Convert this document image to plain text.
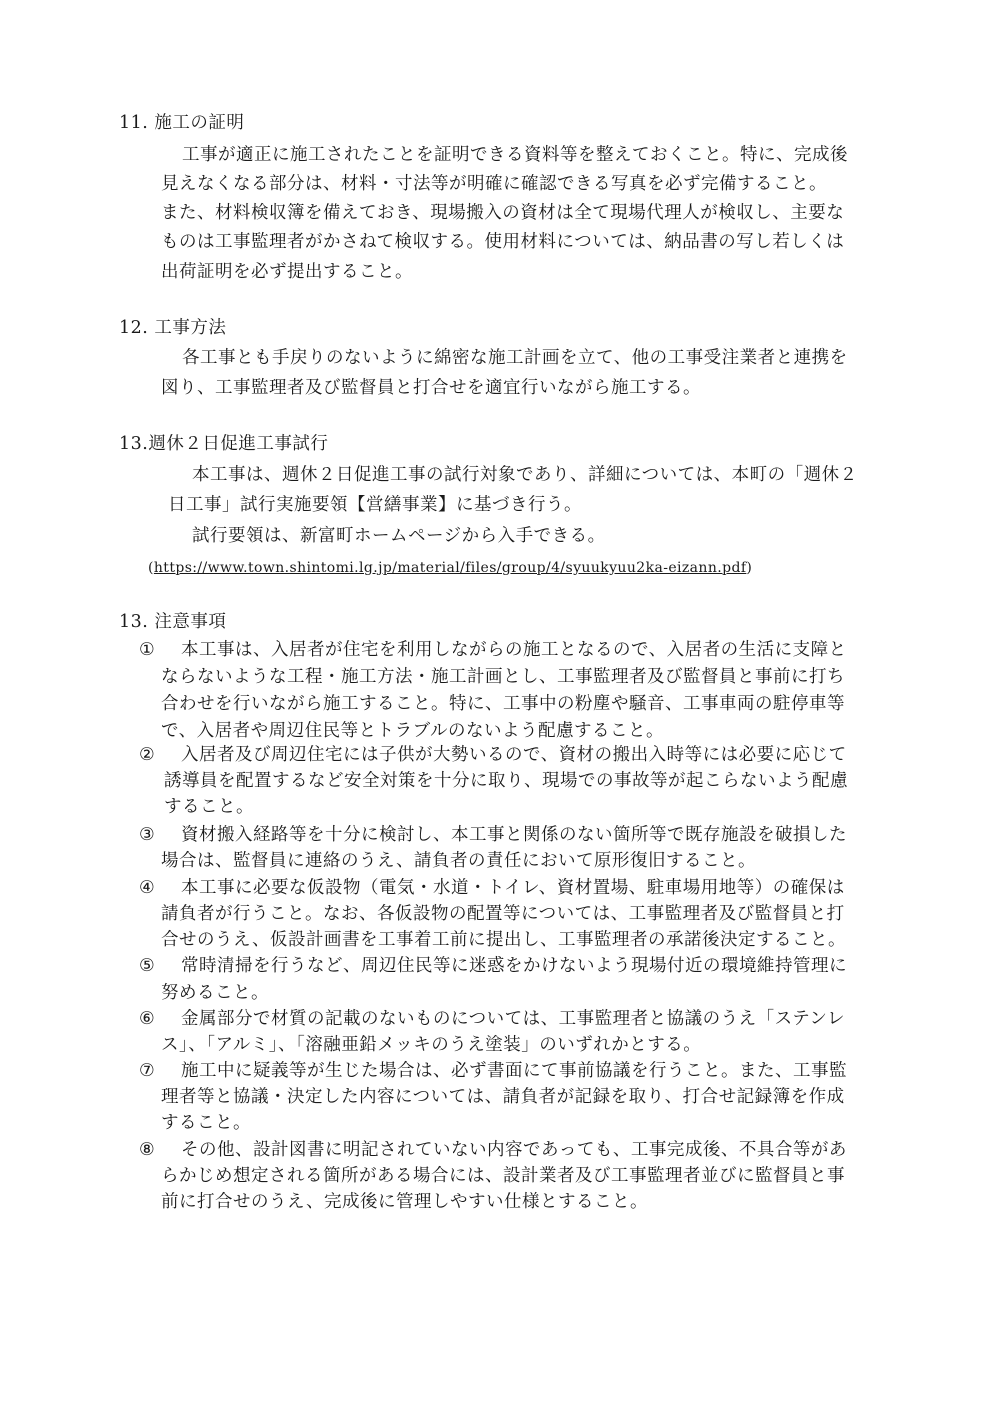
11. 施工の証明
工事が適正に施工されたことを証明できる資料等を整えておくこと。特に、完成後
見えなくなる部分は、材料・寸法等が明確に確認できる写真を必ず完備すること。
また、材料検収簿を備えておき、現場搬入の資材は全て現場代理人が検収し、主要な
ものは工事監理者がかさねて検収する。使用材料については、納品書の写し若しくは
出荷証明を必ず提出すること。
12. 工事方法
各工事とも手戻りのないように綿密な施工計画を立て、他の工事受注業者と連携を
図り、工事監理者及び監督員と打合せを適宜行いながら施工する。
13.週休２日促進工事試行
本工事は、週休２日促進工事の試行対象であり、詳細については、本町の「週休２
日工事」試行実施要領【営繕事業】に基づき行う。
試行要領は、新富町ホームページから入手できる。
(https://www.town.shintomi.lg.jp/material/files/group/4/syuukyuu2ka-eizann.pdf)
13. 注意事項
① 本工事は、入居者が住宅を利用しながらの施工となるので、入居者の生活に支障と
ならないような工程・施工方法・施工計画とし、工事監理者及び監督員と事前に打ち
合わせを行いながら施工すること。特に、工事中の粉塵や騒音、工事車両の駐停車等
で、入居者や周辺住民等とトラブルのないよう配慮すること。
② 入居者及び周辺住宅には子供が大勢いるので、資材の搬出入時等には必要に応じて
誘導員を配置するなど安全対策を十分に取り、現場での事故等が起こらないよう配慮
すること。
③ 資材搬入経路等を十分に検討し、本工事と関係のない箇所等で既存施設を破損した
場合は、監督員に連絡のうえ、請負者の責任において原形復旧すること。
④ 本工事に必要な仮設物（電気・水道・トイレ、資材置場、駐車場用地等）の確保は
請負者が行うこと。なお、各仮設物の配置等については、工事監理者及び監督員と打
合せのうえ、仮設計画書を工事着工前に提出し、工事監理者の承諾後決定すること。
⑤ 常時清掃を行うなど、周辺住民等に迷惑をかけないよう現場付近の環境維持管理に
努めること。
⑥ 金属部分で材質の記載のないものについては、工事監理者と協議のうえ「ステンレ
ス」、「アルミ」、「溶融亜鉛メッキのうえ塗装」のいずれかとする。
⑦ 施工中に疑義等が生じた場合は、必ず書面にて事前協議を行うこと。また、工事監
理者等と協議・決定した内容については、請負者が記録を取り、打合せ記録簿を作成
すること。
⑧ その他、設計図書に明記されていない内容であっても、工事完成後、不具合等があ
らかじめ想定される箇所がある場合には、設計業者及び工事監理者並びに監督員と事
前に打合せのうえ、完成後に管理しやすい仕様とすること。
